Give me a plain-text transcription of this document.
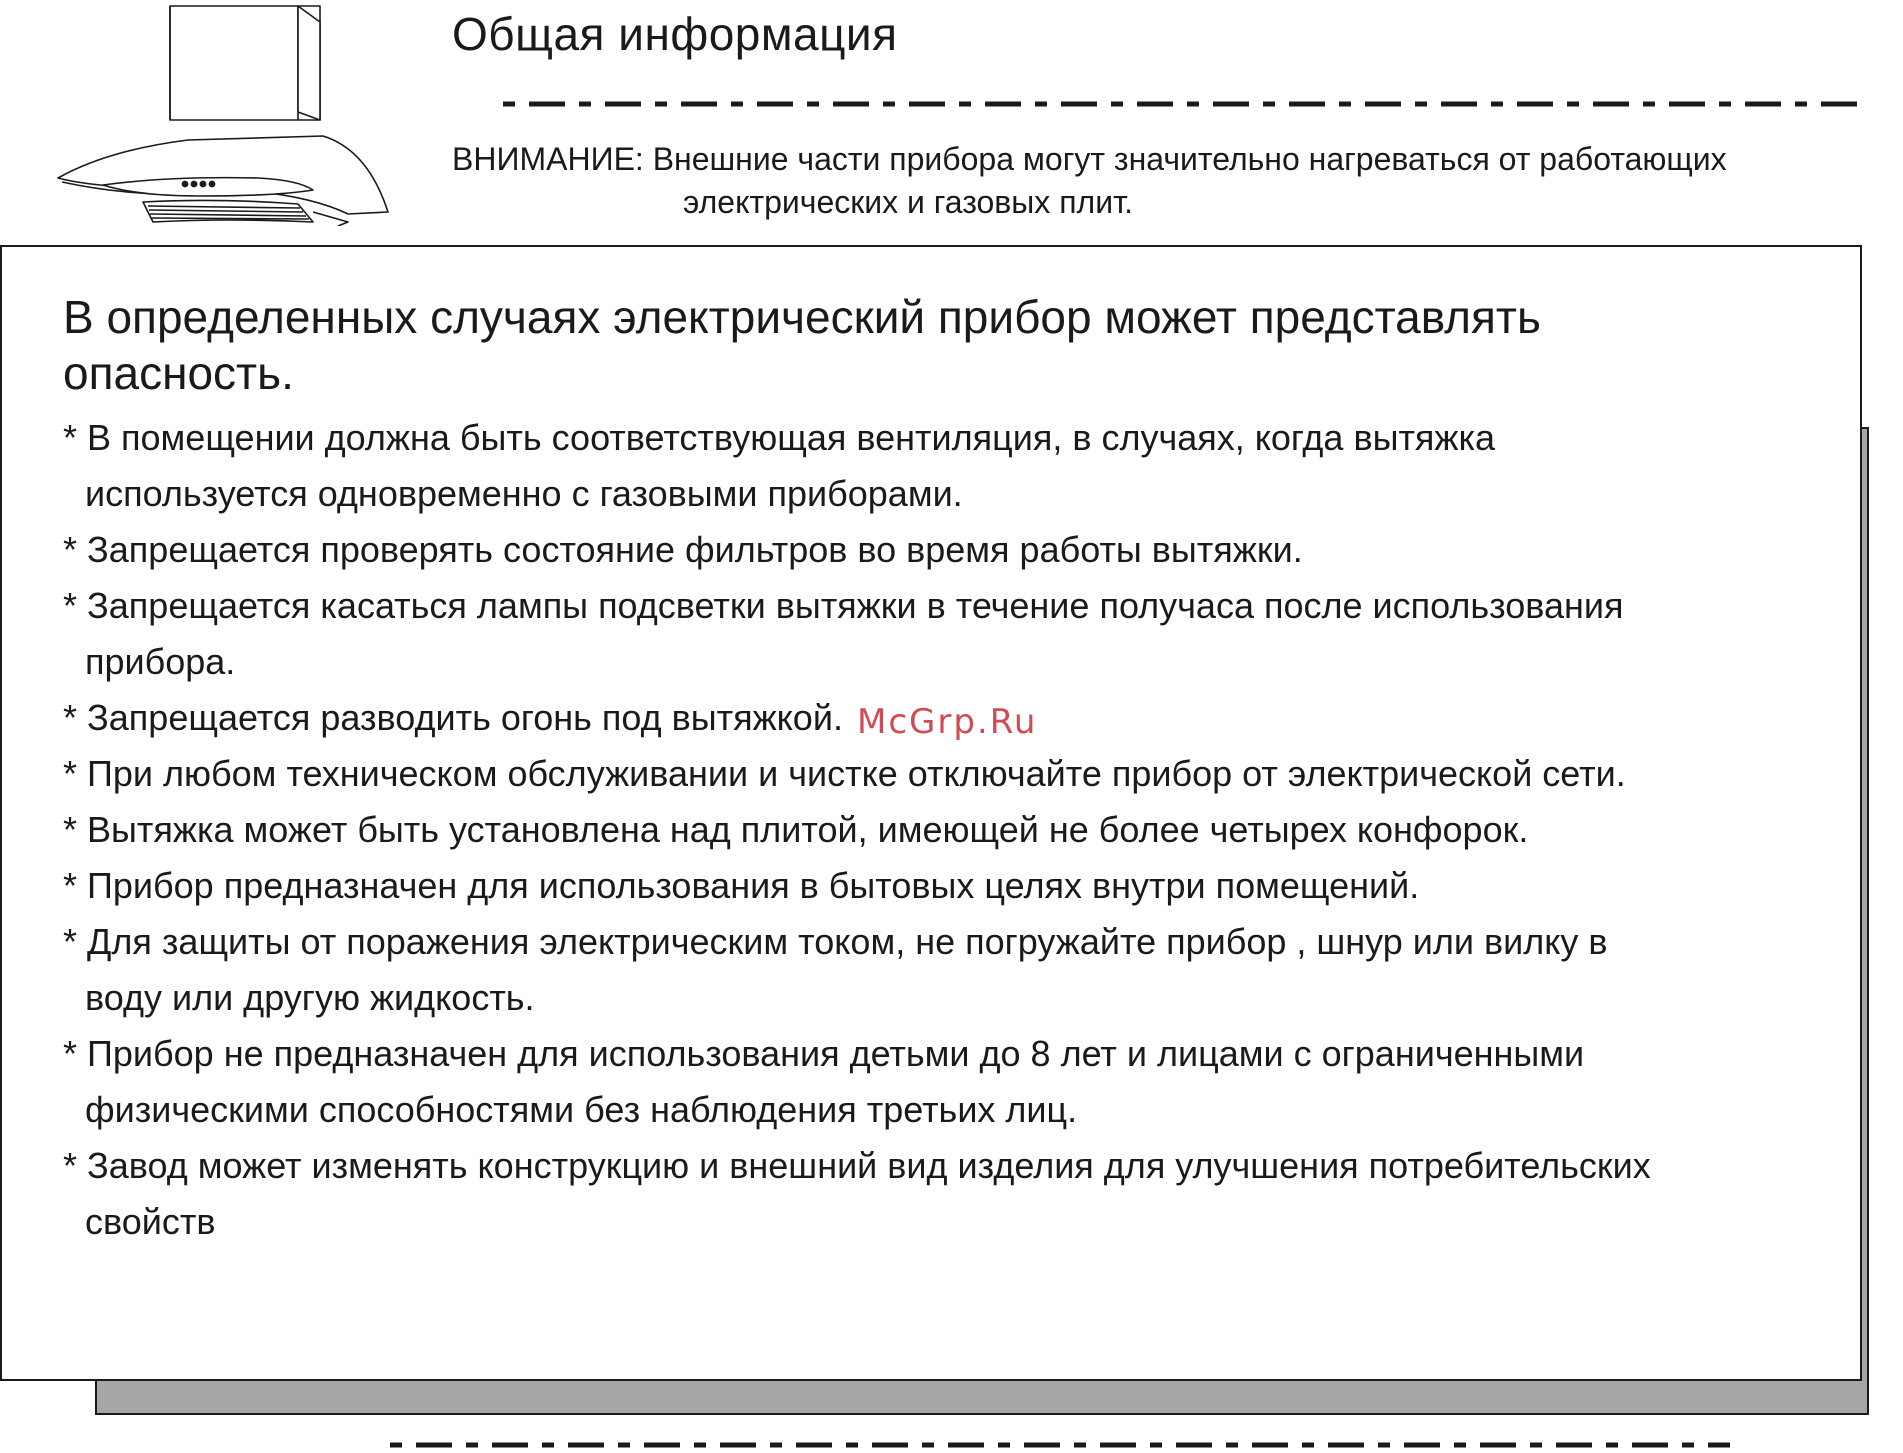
Общая информация
ВНИМАНИЕ: Внешние части прибора могут значительно нагреваться от работающих
электрических и газовых плит.
В определенных случаях электрический прибор может представлять
опасность.
* В помещении должна быть соответствующая вентиляция, в случаях, когда вытяжка
используется одновременно с газовыми приборами.
* Запрещается проверять состояние фильтров во время работы вытяжки.
* Запрещается касаться лампы подсветки вытяжки в течение получаса после использования
прибора.
* Запрещается разводить огонь под вытяжкой.
* При любом техническом обслуживании и чистке отключайте прибор от электрической сети.
* Вытяжка может быть установлена над плитой, имеющей не более четырех конфорок.
* Прибор предназначен для использования в бытовых целях внутри помещений.
* Для защиты от поражения электрическим током, не погружайте прибор , шнур или вилку в
воду или другую жидкость.
* Прибор не предназначен для использования детьми до 8 лет и лицами с ограниченными
физическими способностями без наблюдения третьих лиц.
* Завод может изменять конструкцию и внешний вид изделия для улучшения потребительских
свойств
McGrp.Ru
